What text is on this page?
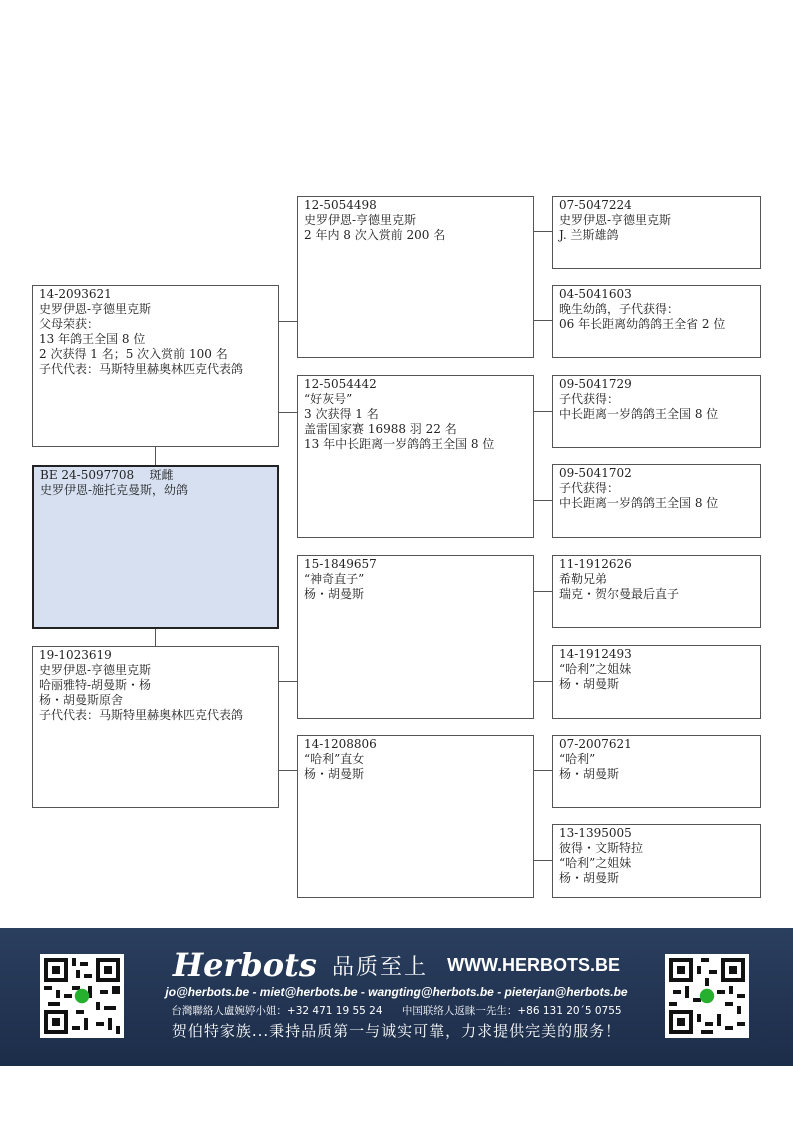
14-2093621
史罗伊恩-亨德里克斯
父母荣获：
13 年鸽王全国 8 位
2 次获得 1 名；5 次入赏前 100 名
子代代表：马斯特里赫奥林匹克代表鸽
BE 24-5097708 斑雌
史罗伊恩-施托克曼斯，幼鸽
19-1023619
史罗伊恩-亨德里克斯
哈丽雅特-胡曼斯・杨
杨・胡曼斯原舍
子代代表：马斯特里赫奥林匹克代表鸽
12-5054498
史罗伊恩-亨德里克斯
2 年内 8 次入赏前 200 名
12-5054442
“好灰号”
3 次获得 1 名
盖雷国家赛 16988 羽 22 名
13 年中长距离一岁鸽鸽王全国 8 位
15-1849657
“神奇直子”
杨・胡曼斯
14-1208806
“哈利”直女
杨・胡曼斯
07-5047224
史罗伊恩-亨德里克斯
J. 兰斯雄鸽
04-5041603
晚生幼鸽，子代获得：
06 年长距离幼鸽鸽王全省 2 位
09-5041729
子代获得：
中长距离一岁鸽鸽王全国 8 位
09-5041702
子代获得：
中长距离一岁鸽鸽王全国 8 位
11-1912626
希勒兄弟
瑞克・贺尔曼最后直子
14-1912493
“哈利”之姐妹
杨・胡曼斯
07-2007621
“哈利”
杨・胡曼斯
13-1395005
彼得・文斯特拉
“哈利”之姐妹
杨・胡曼斯
Herbots 品质至上 WWW.HERBOTS.BE
jo@herbots.be - miet@herbots.be - wangting@herbots.be - pieterjan@herbots.be
台灣聯絡人盧婉婷小姐：+32 471 19 55 24 中国联络人返睐一先生：+86 131 20´5 0755
贺伯特家族...秉持品质第一与诚实可靠，力求提供完美的服务！
